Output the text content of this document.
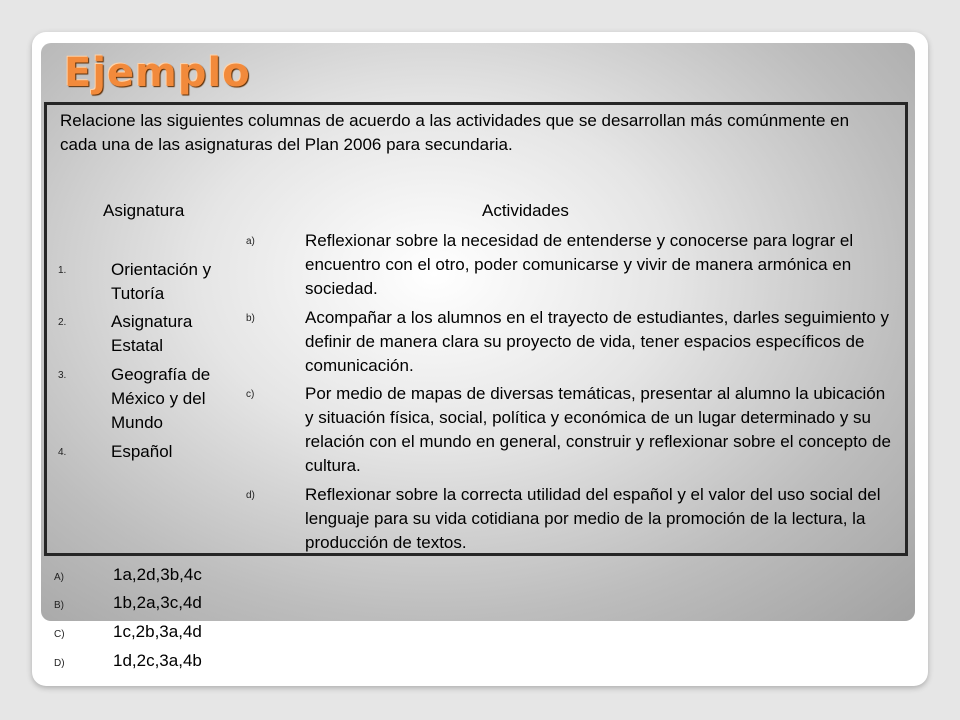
Ejemplo
Relacione las siguientes columnas de acuerdo a las actividades que se desarrollan más comúnmente en cada una de las asignaturas del Plan 2006 para secundaria.
Asignatura	Actividades
1.	Orientación y Tutoría
2.	Asignatura Estatal
3.	Geografía de México y del Mundo
4.	Español
a)	Reflexionar sobre la necesidad de entenderse y conocerse para lograr el encuentro con el otro, poder comunicarse y vivir de manera armónica en sociedad.
b)	Acompañar a los alumnos en el trayecto de estudiantes, darles seguimiento y definir de manera clara su proyecto de vida, tener espacios específicos de comunicación.
c)	Por medio de mapas de diversas temáticas, presentar al alumno la ubicación y situación física, social, política y económica de un lugar determinado y su relación con el mundo en general, construir y reflexionar sobre el concepto de cultura.
d)	Reflexionar sobre la correcta utilidad del español y el valor del uso social del lenguaje para su vida cotidiana por medio de la promoción de la lectura, la producción de textos.
A)	1a,2d,3b,4c
B)	1b,2a,3c,4d
C)	1c,2b,3a,4d
D)	1d,2c,3a,4b
